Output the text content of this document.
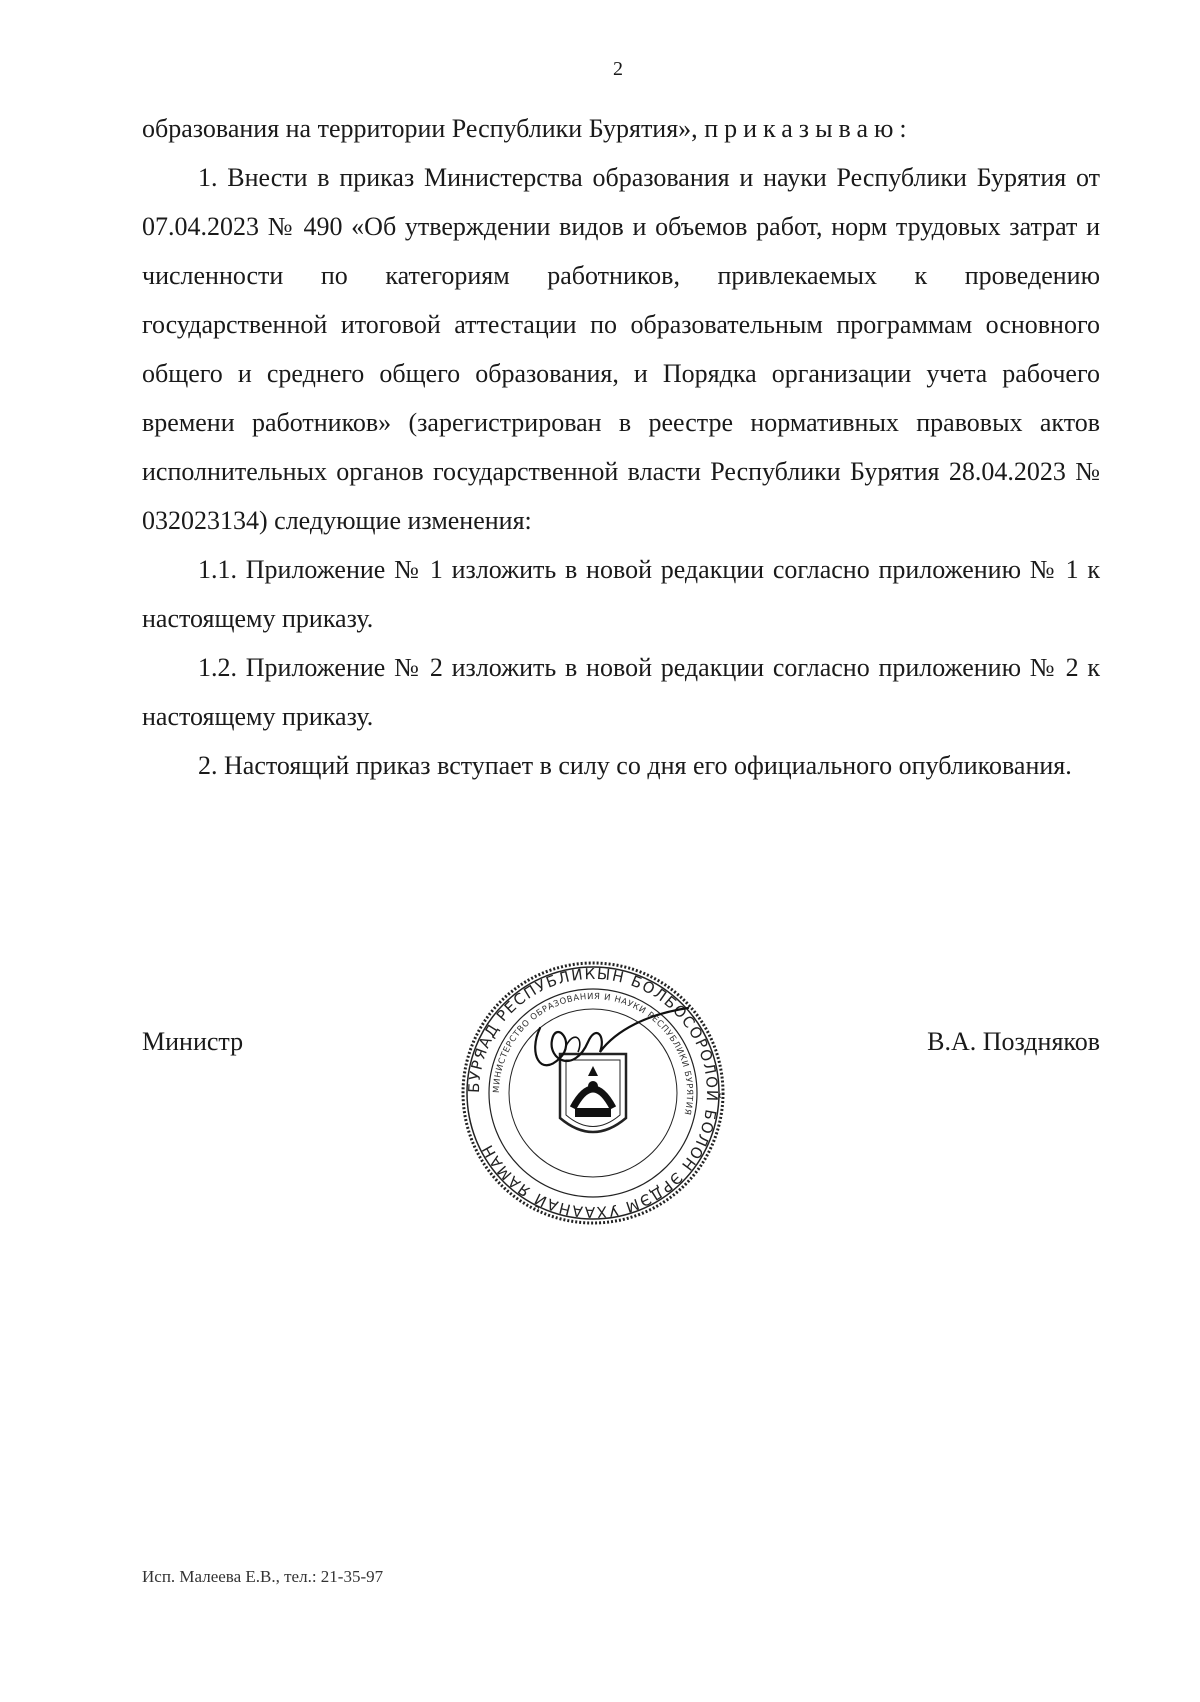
2

образования на территории Республики Бурятия», приказываю:

1. Внести в приказ Министерства образования и науки Республики Бурятия от 07.04.2023 № 490 «Об утверждении видов и объемов работ, норм трудовых затрат и численности по категориям работников, привлекаемых к проведению государственной итоговой аттестации по образовательным программам основного общего и среднего общего образования, и Порядка организации учета рабочего времени работников» (зарегистрирован в реестре нормативных правовых актов исполнительных органов государственной власти Республики Бурятия 28.04.2023 № 032023134) следующие изменения:

1.1. Приложение № 1 изложить в новой редакции согласно приложению № 1 к настоящему приказу.

1.2. Приложение № 2 изложить в новой редакции согласно приложению № 2 к настоящему приказу.

2. Настоящий приказ вступает в силу со дня его официального опубликования.

Министр	В.А. Поздняков
БУРЯАД РЕСПУБЛИКЫН БОЛБОСОРОЛОЙ БОЛОН ЭРДЭМ УХААНАЙ ЯАМАН
МИНИСТЕРСТВО ОБРАЗОВАНИЯ И НАУКИ РЕСПУБЛИКИ БУРЯТИЯ
Исп. Малеева Е.В., тел.: 21-35-97
